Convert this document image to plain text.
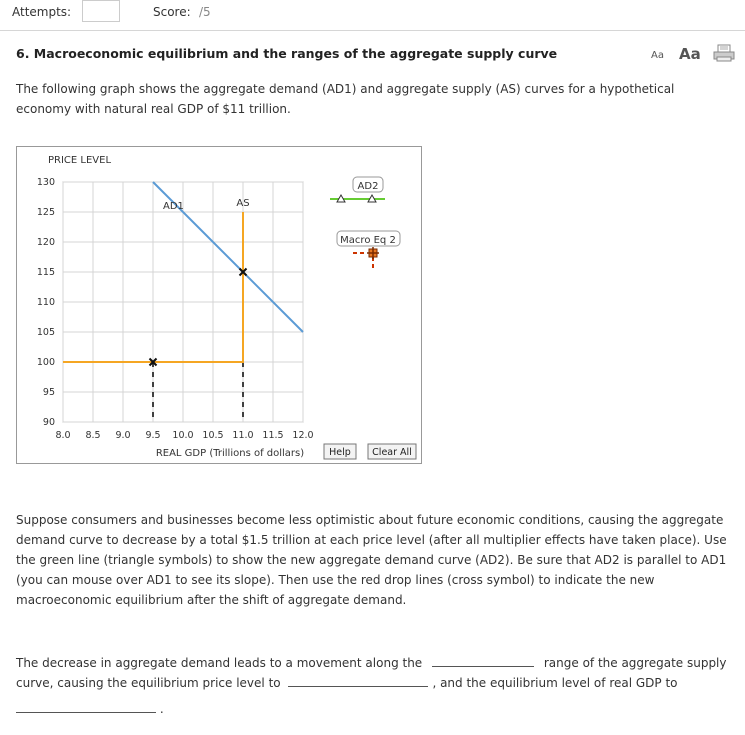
Attempts:	Score: /5
6. Macroeconomic equilibrium and the ranges of the aggregate supply curve	Aa Aa
The following graph shows the aggregate demand (AD1) and aggregate supply (AS) curves for a hypothetical economy with natural real GDP of $11 trillion.
AD1	AS
8.0 8.5 9.0 9.5 10.0 10.5 11.0 11.5 12.0
130
125
120
115
110
105
100
95
90
PRICE LEVEL
REAL GDP (Trillions of dollars)
AD2
Macro Eq 2
Help Clear All
Suppose consumers and businesses become less optimistic about future economic conditions, causing the aggregate demand curve to decrease by a total $1.5 trillion at each price level (after all multiplier effects have taken place). Use the green line (triangle symbols) to show the new aggregate demand curve (AD2). Be sure that AD2 is parallel to AD1 (you can mouse over AD1 to see its slope). Then use the red drop lines (cross symbol) to indicate the new macroeconomic equilibrium after the shift of aggregate demand.
The decrease in aggregate demand leads to a movement along the	range of the aggregate supply curve, causing the equilibrium price level to	, and the equilibrium level of real GDP to
.
